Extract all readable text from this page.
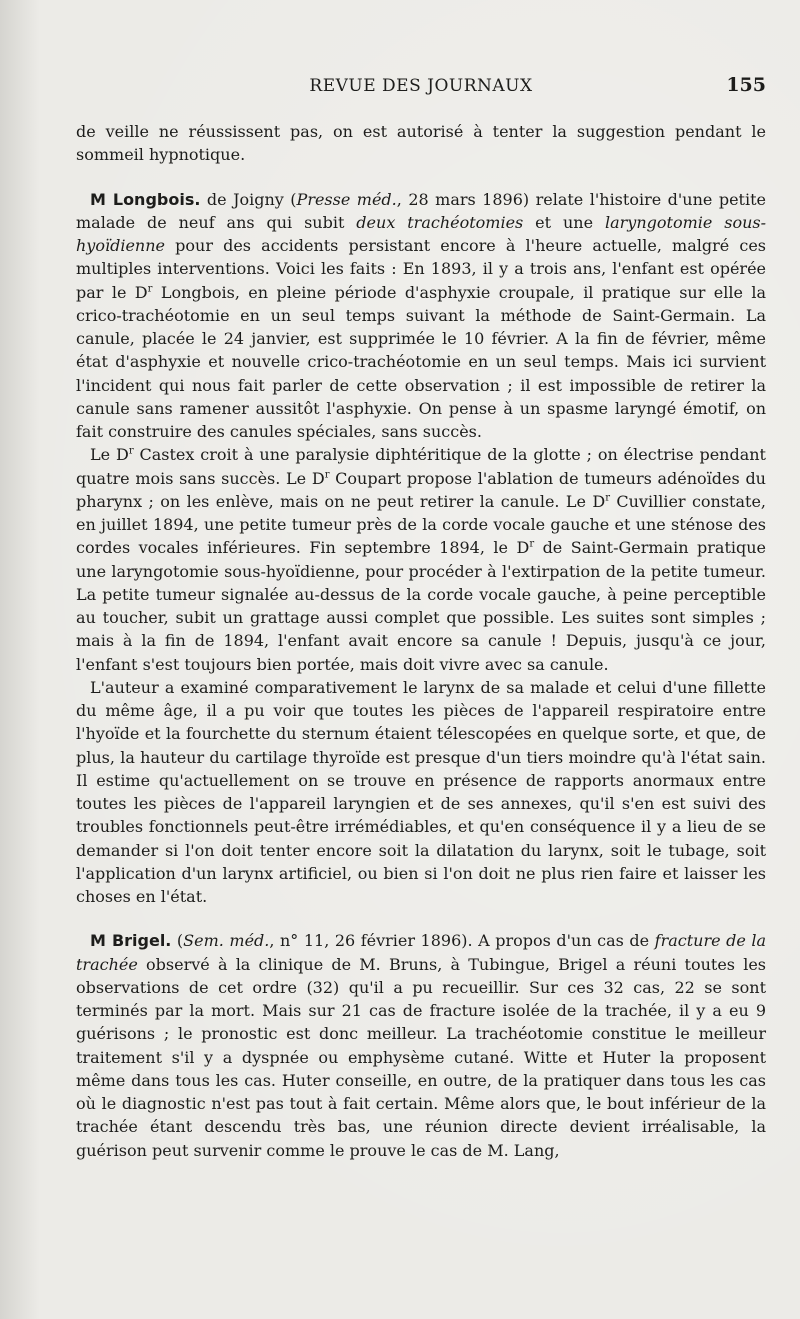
REVUE DES JOURNAUX	155

de veille ne réussissent pas, on est autorisé à tenter la suggestion pendant le sommeil hypnotique.

M Longbois. de Joigny (Presse méd., 28 mars 1896) relate l'histoire d'une petite malade de neuf ans qui subit deux trachéotomies et une laryngotomie sous-hyoïdienne pour des accidents persistant encore à l'heure actuelle, malgré ces multiples interventions. Voici les faits : En 1893, il y a trois ans, l'enfant est opérée par le $D^r$ Longbois, en pleine période d'asphyxie croupale, il pratique sur elle la crico-trachéotomie en un seul temps suivant la méthode de Saint-Germain. La canule, placée le 24 janvier, est supprimée le 10 février. A la fin de février, même état d'asphyxie et nouvelle crico-trachéotomie en un seul temps. Mais ici survient l'incident qui nous fait parler de cette observation ; il est impossible de retirer la canule sans ramener aussitôt l'asphyxie. On pense à un spasme laryngé émotif, on fait construire des canules spéciales, sans succès.

Le $D^r$ Castex croit à une paralysie diphtéritique de la glotte ; on électrise pendant quatre mois sans succès. Le $D^r$ Coupart propose l'ablation de tumeurs adénoïdes du pharynx ; on les enlève, mais on ne peut retirer la canule. Le $D^r$ Cuvillier constate, en juillet 1894, une petite tumeur près de la corde vocale gauche et une sténose des cordes vocales inférieures. Fin septembre 1894, le $D^r$ de Saint-Germain pratique une laryngotomie sous-hyoïdienne, pour procéder à l'extirpation de la petite tumeur. La petite tumeur signalée au-dessus de la corde vocale gauche, à peine perceptible au toucher, subit un grattage aussi complet que possible. Les suites sont simples ; mais à la fin de 1894, l'enfant avait encore sa canule ! Depuis, jusqu'à ce jour, l'enfant s'est toujours bien portée, mais doit vivre avec sa canule.

L'auteur a examiné comparativement le larynx de sa malade et celui d'une fillette du même âge, il a pu voir que toutes les pièces de l'appareil respiratoire entre l'hyoïde et la fourchette du sternum étaient télescopées en quelque sorte, et que, de plus, la hauteur du cartilage thyroïde est presque d'un tiers moindre qu'à l'état sain. Il estime qu'actuellement on se trouve en présence de rapports anormaux entre toutes les pièces de l'appareil laryngien et de ses annexes, qu'il s'en est suivi des troubles fonctionnels peut-être irrémédiables, et qu'en conséquence il y a lieu de se demander si l'on doit tenter encore soit la dilatation du larynx, soit le tubage, soit l'application d'un larynx artificiel, ou bien si l'on doit ne plus rien faire et laisser les choses en l'état.

M Brigel. (Sem. méd., n° 11, 26 février 1896). A propos d'un cas de fracture de la trachée observé à la clinique de M. Bruns, à Tubingue, Brigel a réuni toutes les observations de cet ordre (32) qu'il a pu recueillir. Sur ces 32 cas, 22 se sont terminés par la mort. Mais sur 21 cas de fracture isolée de la trachée, il y a eu 9 guérisons ; le pronostic est donc meilleur. La trachéotomie constitue le meilleur traitement s'il y a dyspnée ou emphysème cutané. Witte et Huter la proposent même dans tous les cas. Huter conseille, en outre, de la pratiquer dans tous les cas où le diagnostic n'est pas tout à fait certain. Même alors que, le bout inférieur de la trachée étant descendu très bas, une réunion directe devient irréalisable, la guérison peut survenir comme le prouve le cas de M. Lang,
